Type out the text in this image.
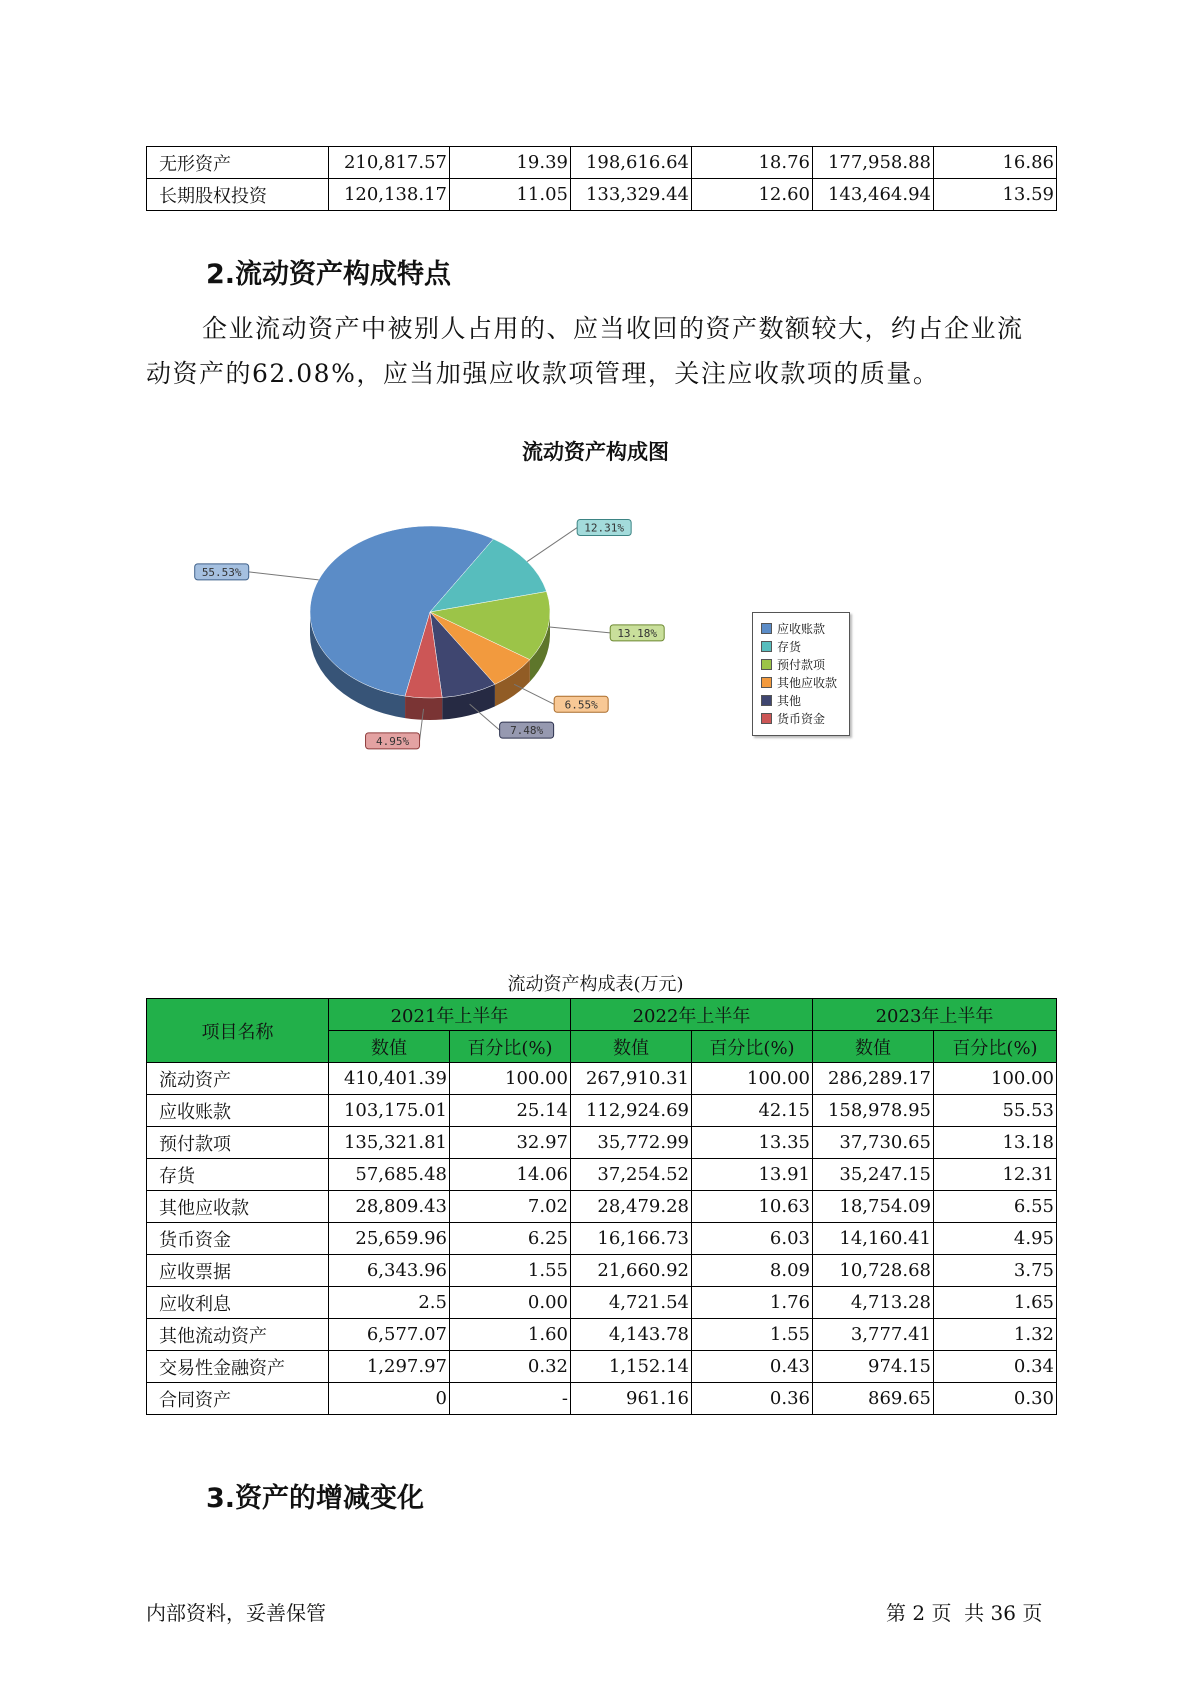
无形资产	210,817.57	19.39	198,616.64	18.76	177,958.88	16.86
长期股权投资	120,138.17	11.05	133,329.44	12.60	143,464.94	13.59
2.流动资产构成特点

企业流动资产中被别人占用的、应当收回的资产数额较大，约占企业流动资产的62.08%，应当加强应收款项管理，关注应收款项的质量。

流动资产构成图
55.53%
12.31%
13.18%
6.55%
7.48%
4.95%
应收账款
存货
预付款项
其他应收款
其他
货币资金

流动资产构成表(万元)

项目名称	2021年上半年		2022年上半年		2023年上半年	
	数值	百分比(%)	数值	百分比(%)	数值	百分比(%)
流动资产	410,401.39	100.00	267,910.31	100.00	286,289.17	100.00
应收账款	103,175.01	25.14	112,924.69	42.15	158,978.95	55.53
预付款项	135,321.81	32.97	35,772.99	13.35	37,730.65	13.18
存货	57,685.48	14.06	37,254.52	13.91	35,247.15	12.31
其他应收款	28,809.43	7.02	28,479.28	10.63	18,754.09	6.55
货币资金	25,659.96	6.25	16,166.73	6.03	14,160.41	4.95
应收票据	6,343.96	1.55	21,660.92	8.09	10,728.68	3.75
应收利息	2.5	0.00	4,721.54	1.76	4,713.28	1.65
其他流动资产	6,577.07	1.60	4,143.78	1.55	3,777.41	1.32
交易性金融资产	1,297.97	0.32	1,152.14	0.43	974.15	0.34
合同资产	0	-	961.16	0.36	869.65	0.30
3.资产的增减变化

内部资料，妥善保管	第 2 页  共 36 页
